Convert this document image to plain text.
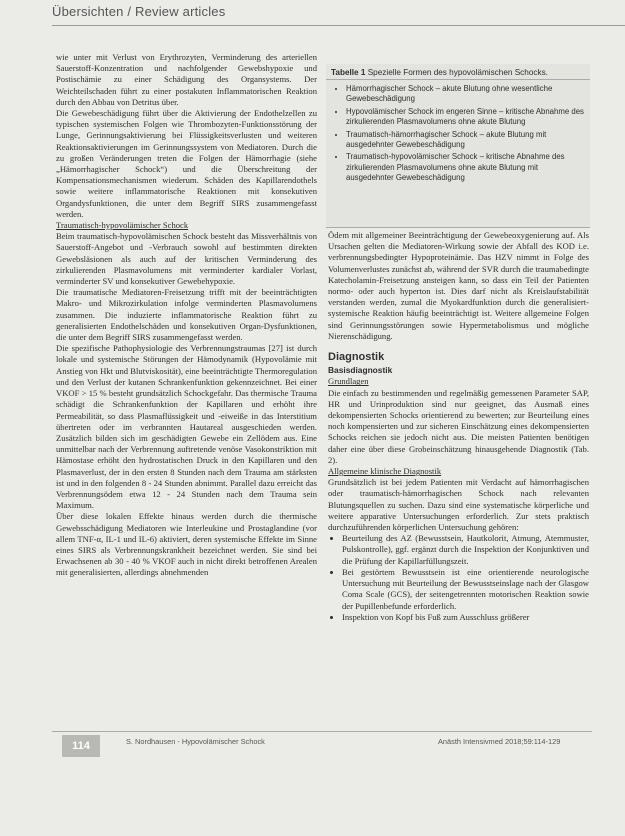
Übersichten / Review articles

wie unter mit Verlust von Erythrozyten, Verminderung des arteriellen Sauerstoff-Konzentration und nachfolgender Gewebshypoxie und Postischämie zu einer Schädigung des Organsystems. Der Weichteilschaden führt zu einer postakuten Inflammatorischen Reaktion durch den Abbau von Detritus über.

Die Gewebeschädigung führt über die Aktivierung der Endothelzellen zu typischen systemischen Folgen wie Thrombozyten-Funktionsstörung der Lunge, Gerinnungsaktivierung bei Flüssigkeitsverlusten und weiteren Reaktionsaktivierungen im Gerinnungssystem von Mediatoren. Durch die zu großen Veränderungen treten die Folgen der Hämorrhagie (siehe „Hämorrhagischer Schock“) und die Überschreitung der Kompensationsmechanismen wiederum. Schäden des Kapillarendothels sowie weitere inflammatorische Reaktionen mit konsekutiven Organdysfunktionen, die unter dem Begriff SIRS zusammengefasst werden.

Traumatisch-hypovolämischer Schock

Beim traumatisch-hypovolämischen Schock besteht das Missverhältnis von Sauerstoff-Angebot und -Verbrauch sowohl auf bestimmten direkten Gewebsläsionen als auch auf der kritischen Verminderung des zirkulierenden Plasmavolumens mit verminderter kardialer Vorlast, verminderter SV und konsekutiver Gewebehypoxie.

Die traumatische Mediatoren-Freisetzung trifft mit der beeinträchtigten Makro- und Mikrozirkulation infolge verminderten Plasmavolumens zusammen. Die induzierte inflammatorische Reaktion führt zu generalisierten Endothelschäden und konsekutiven Organ-Dysfunktionen, die unter dem Begriff SIRS zusammengefasst werden.

Die spezifische Pathophysiologie des Verbrennungstraumas [27] ist durch lokale und systemische Störungen der Hämodynamik (Hypovolämie mit Anstieg von Hkt und Blutviskosität), eine beeinträchtigte Thermoregulation und den Verlust der kutanen Schrankenfunktion gekennzeichnet. Bei einer VKOF > 15 % besteht grundsätzlich Schockgefahr. Das thermische Trauma schädigt die Schrankenfunktion der Kapillaren und erhöht ihre Permeabilität, so dass Plasmaflüssigkeit und -eiweiße in das Interstitium übertreten oder im verbrannten Hautareal ausgeschieden werden. Zusätzlich bilden sich im geschädigten Gewebe ein Zellödem aus. Eine unmittelbar nach der Verbrennung auftretende venöse Vasokonstriktion mit Hämostase erhöht den hydrostatischen Druck in den Kapillaren und den Plasmaverlust, der in den ersten 8 Stunden nach dem Trauma am stärksten ist und in den folgenden 8 - 24 Stunden abnimmt. Parallel dazu erreicht das Verbrennungsödem etwa 12 - 24 Stunden nach dem Trauma sein Maximum.

Über diese lokalen Effekte hinaus werden durch die thermische Gewebsschädigung Mediatoren wie Interleukine und Prostaglandine (vor allem TNF-α, IL-1 und IL-6) aktiviert, deren systemische Effekte im Sinne eines SIRS als Verbrennungskrankheit bezeichnet werden. Sie sind bei Erwachsenen ab 30 - 40 % VKOF auch in nicht direkt betroffenen Arealen mit generalisierten, allerdings abnehmenden

Tabelle 1 Spezielle Formen des hypovolämischen Schocks.
• Hämorrhagischer Schock – akute Blutung ohne wesentliche Gewebeschädigung
• Hypovolämischer Schock im engeren Sinne – kritische Abnahme des zirkulierenden Plasmavolumens ohne akute Blutung
• Traumatisch-hämorrhagischer Schock – akute Blutung mit ausgedehnter Gewebeschädigung
• Traumatisch-hypovolämischer Schock – kritische Abnahme des zirkulierenden Plasmavolumens ohne akute Blutung mit ausgedehnter Gewebeschädigung

Ödem mit allgemeiner Beeinträchtigung der Gewebeoxygenierung auf. Als Ursachen gelten die Mediatoren-Wirkung sowie der Abfall des KOD i.e. verbrennungsbedingter Hypoproteinämie. Das HZV nimmt in Folge des Volumenverlustes zunächst ab, während der SVR durch die traumabedingte Katecholamin-Freisetzung ansteigen kann, so dass ein Teil der Patienten normo- oder auch hyperton ist. Dies darf nicht als Kreislaufstabilität verstanden werden, zumal die Myokardfunktion durch die generalisiert-systemische Reaktion häufig beeinträchtigt ist. Weitere allgemeine Folgen sind Gerinnungsstörungen sowie Hypermetabolismus und mögliche Nierenschädigung.

Diagnostik

Basisdiagnostik

Grundlagen

Die einfach zu bestimmenden und regelmäßig gemessenen Parameter SAP, HR und Urinproduktion sind nur geeignet, das Ausmaß eines dekompensierten Schocks orientierend zu bewerten; zur Beurteilung eines noch kompensierten und zur sicheren Einschätzung eines dekompensierten Schocks reichen sie jedoch nicht aus. Die meisten Patienten benötigen daher eine über diese Grobeinschätzung hinausgehende Diagnostik (Tab. 2).

Allgemeine klinische Diagnostik

Grundsätzlich ist bei jedem Patienten mit Verdacht auf hämorrhagischen oder traumatisch-hämorrhagischen Schock nach relevanten Blutungsquellen zu suchen. Dazu sind eine systematische körperliche und weitere apparative Untersuchungen erforderlich. Zur stets praktisch durchzuführenden körperlichen Untersuchung gehören:

• Beurteilung des AZ (Bewusstsein, Hautkolorit, Atmung, Atemmuster, Pulskontrolle), ggf. ergänzt durch die Inspektion der Konjunktiven und die Prüfung der Kapillarfüllungszeit.
• Bei gestörtem Bewusstsein ist eine orientierende neurologische Untersuchung mit Beurteilung der Bewusstseinslage nach der Glasgow Coma Scale (GCS), der seitengetrennten motorischen Reaktion sowie der Pupillenbefunde erforderlich.
• Inspektion von Kopf bis Fuß zum Ausschluss größerer
114	S. Nordhausen - Hypovolämischer Schock	Anästh Intensivmed 2018;59:114-129
